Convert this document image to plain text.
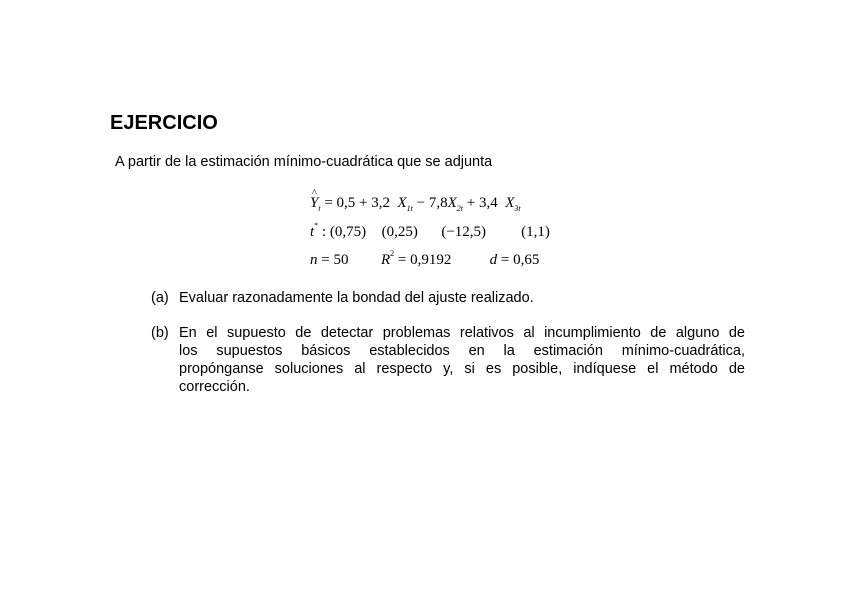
EJERCICIO
A partir de la estimación mínimo-cuadrática que se adjunta
^ $Y_t = 0,5 + 3,2$ $X_{1t} - 7,8X_{2t} + 3,4$ $X_{3t}$
t* : (0,75) (0,25) (−12,5) (1,1)
n = 50 $R^2 = 0,9192$	d = 0,65
(a) Evaluar razonadamente la bondad del ajuste realizado.
(b) En el supuesto de detectar problemas relativos al incumplimiento de alguno de
los supuestos básicos establecidos en la estimación mínimo-cuadrática,
propónganse soluciones al respecto y, si es posible, indíquese el método de
corrección.
